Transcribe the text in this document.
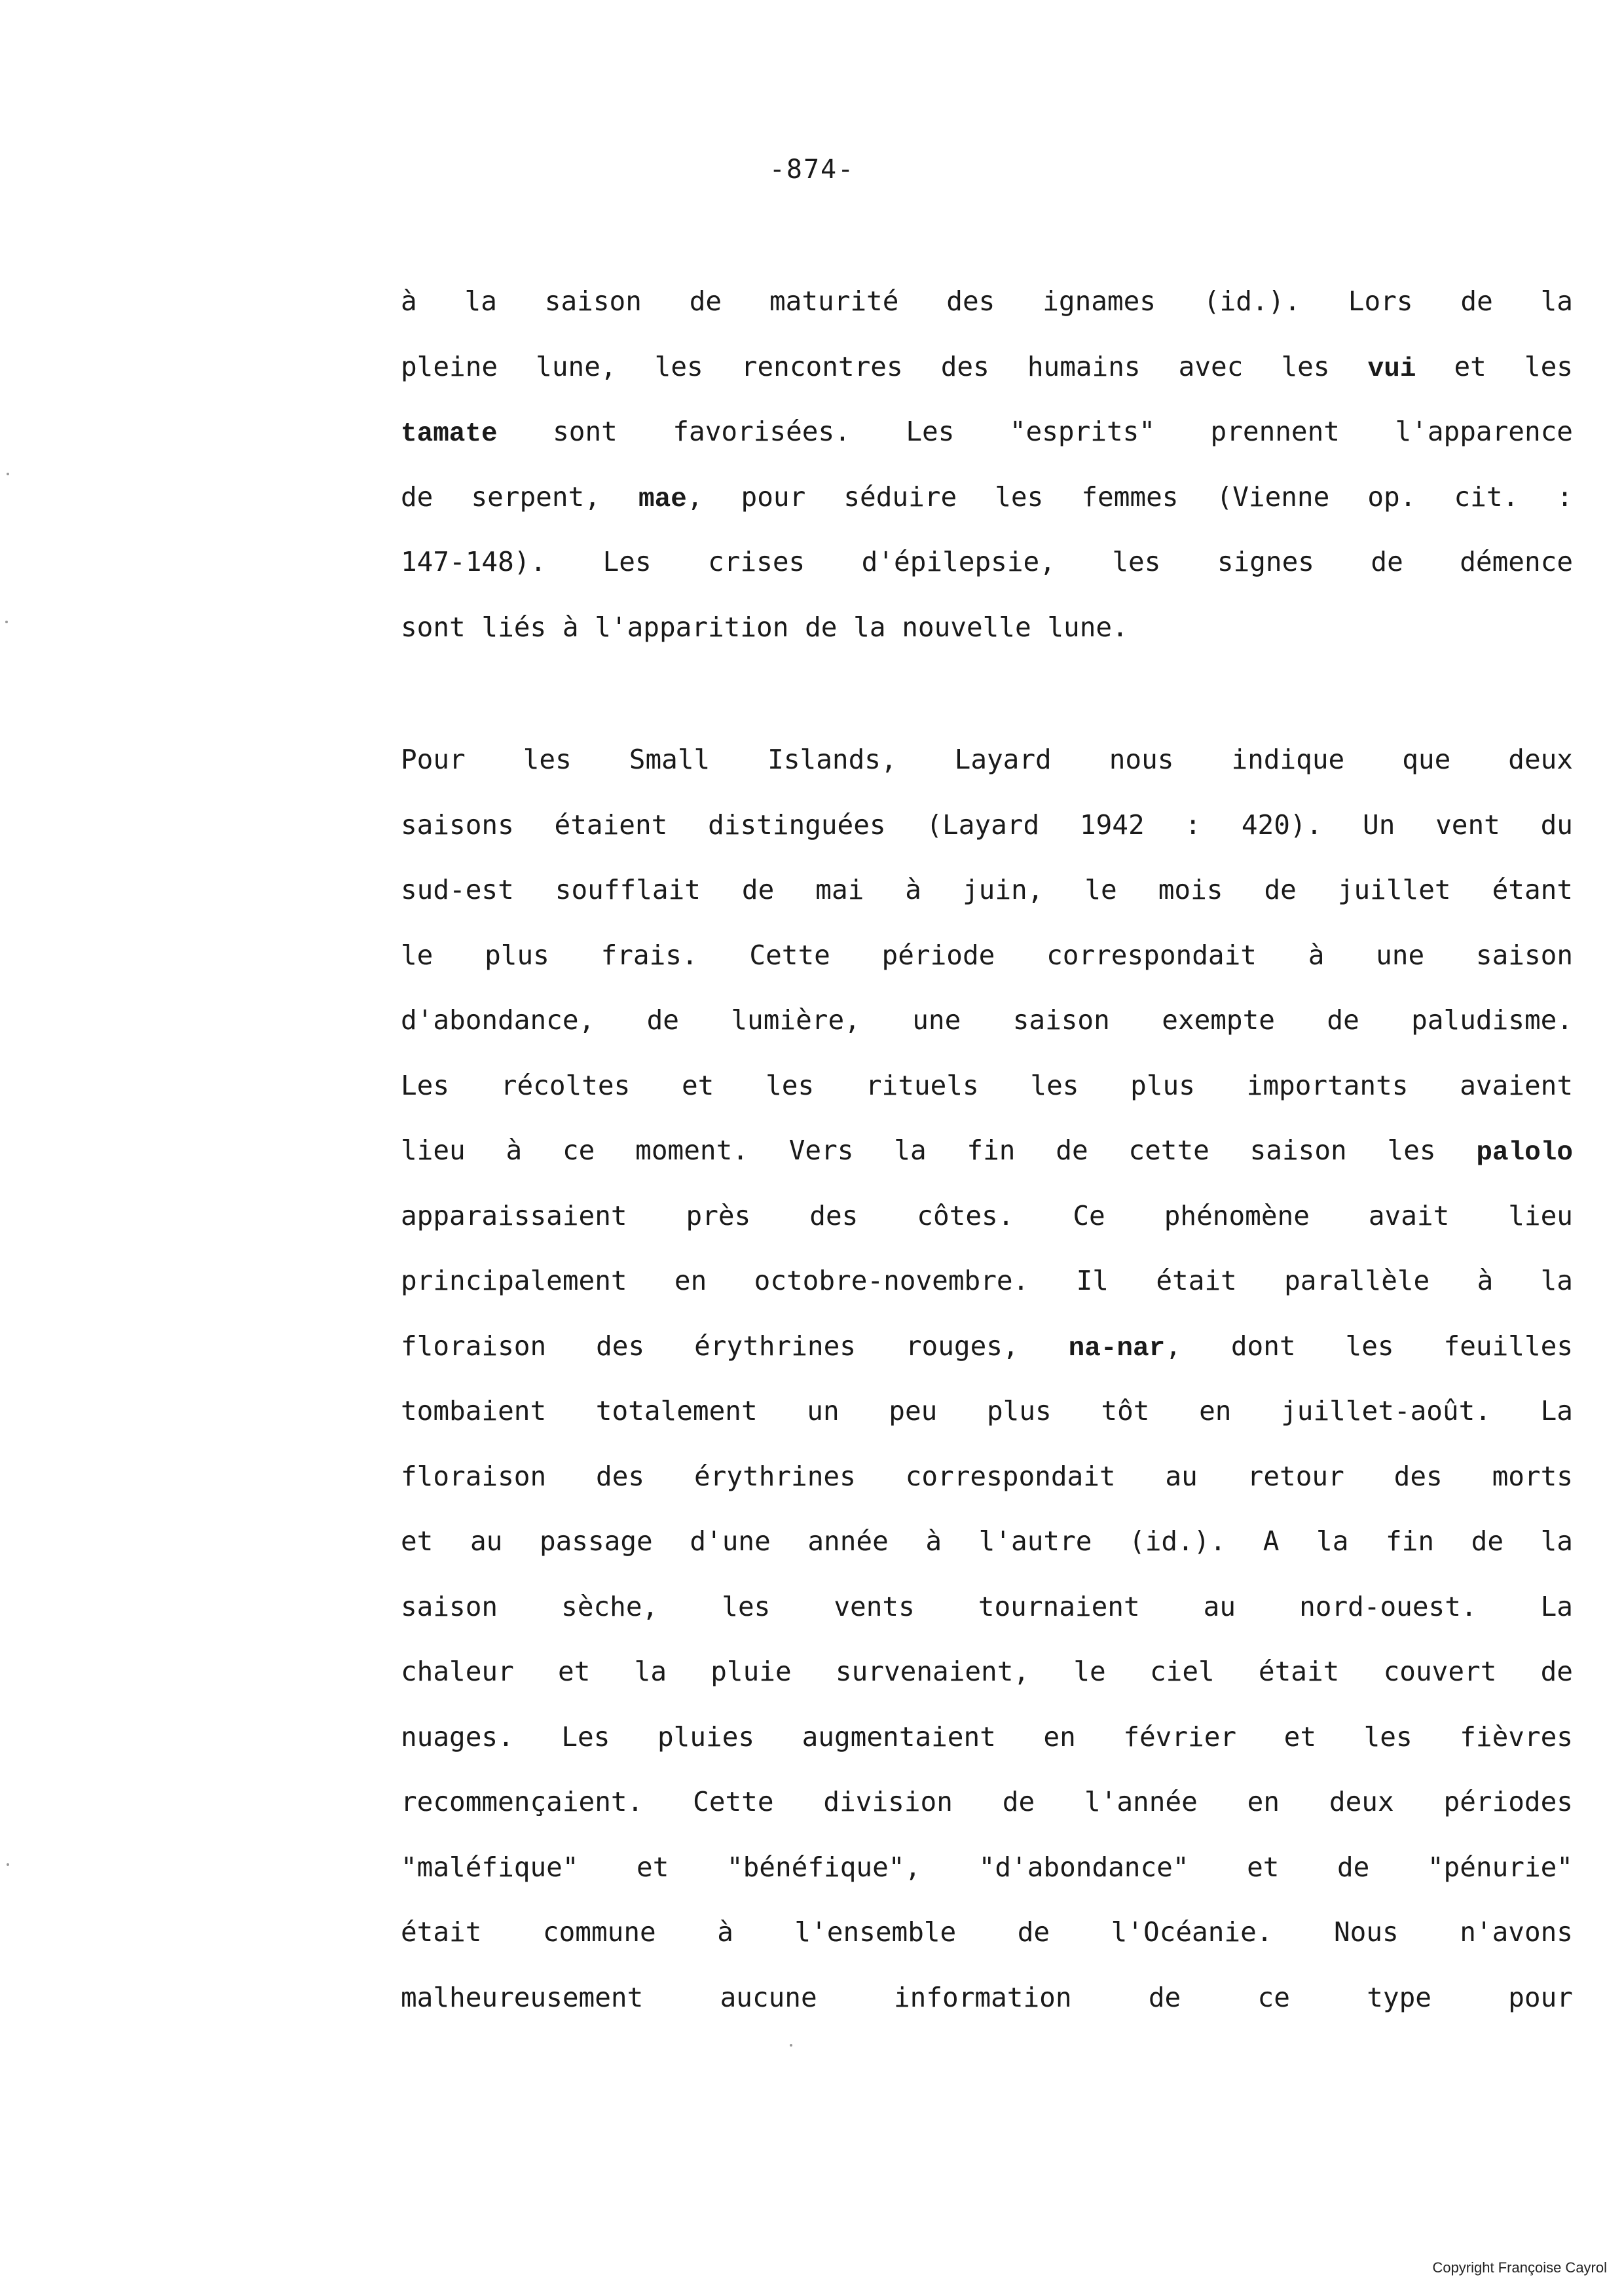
-874-
à la saison de maturité des ignames (id.). Lors de la
pleine lune, les rencontres des humains avec les vui et les
tamate sont favorisées. Les "esprits" prennent l'apparence
de serpent, mae, pour séduire les femmes (Vienne op. cit. :
147-148). Les crises d'épilepsie, les signes de démence
sont liés à l'apparition de la nouvelle lune.
Pour les Small Islands, Layard nous indique que deux
saisons étaient distinguées (Layard 1942 : 420). Un vent du
sud-est soufflait de mai à juin, le mois de juillet étant
le plus frais. Cette période correspondait à une saison
d'abondance, de lumière, une saison exempte de paludisme.
Les récoltes et les rituels les plus importants avaient
lieu à ce moment. Vers la fin de cette saison les palolo
apparaissaient près des côtes. Ce phénomène avait lieu
principalement en octobre-novembre. Il était parallèle à la
floraison des érythrines rouges, na-nar, dont les feuilles
tombaient totalement un peu plus tôt en juillet-août. La
floraison des érythrines correspondait au retour des morts
et au passage d'une année à l'autre (id.). A la fin de la
saison sèche, les vents tournaient au nord-ouest. La
chaleur et la pluie survenaient, le ciel était couvert de
nuages. Les pluies augmentaient en février et les fièvres
recommençaient. Cette division de l'année en deux périodes
"maléfique" et "bénéfique", "d'abondance" et de "pénurie"
était commune à l'ensemble de l'Océanie. Nous n'avons
malheureusement aucune information de ce type pour
Copyright Françoise Cayrol
